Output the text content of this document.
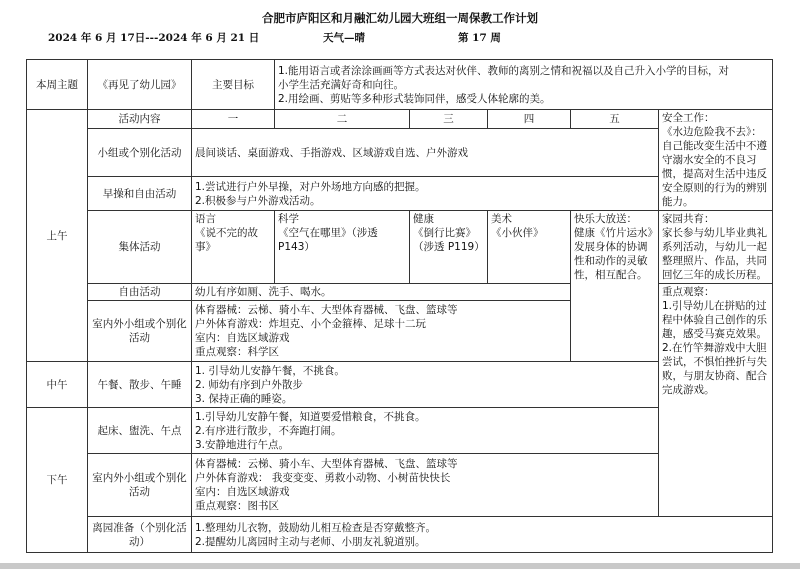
合肥市庐阳区和月融汇幼儿园大班组一周保教工作计划
2024 年 6 月 17日---2024 年 6 月 21 日	天气—晴	第 17 周
本周主题	《再见了幼儿园》	主要目标	1.能用语言或者涂涂画画等方式表达对伙伴、教师的离别之情和祝福以及自己升入小学的目标，对
小学生活充满好奇和向往。
2.用绘画、剪贴等多种形式装饰同伴，感受人体轮廓的美。				

上午	活动内容	一	二	三	四	五	安全工作：
《水边危险我不去》：自己能改变生活中不遵守溺水安全的不良习惯，提高对生活中违反安全原则的行为的辨别能力。

	小组或个别化活动	晨间谈话、桌面游戏、手指游戏、区域游戏自选、户外游戏					
	早操和自由活动	1.尝试进行户外早操，对户外场地方向感的把握。
2.积极参与户外游戏活动。					

	集体活动	语言
《说不完的故事》	科学
《空气在哪里》（涉透 P143）	健康
《倒行比赛》
（涉透 P119）	美术
《小伙伴》	快乐大放送：
健康《竹片运水》
发展身体的协调性和动作的灵敏性，相互配合。	家园共育：
家长参与幼儿毕业典礼系列活动，与幼儿一起整理照片、作品，共同回忆三年的成长历程。

	自由活动	幼儿有序如厕、洗手、喝水。					重点观察：
1.引导幼儿在拼贴的过程中体验自己创作的乐趣，感受马赛克效果。
2.在竹竿舞游戏中大胆尝试，不惧怕挫折与失败，与朋友协商、配合完成游戏。

	室内外小组或个别化活动	体育器械：云梯、骑小车、大型体育器械、飞盘、篮球等
户外体育游戏：炸坦克、小个金箍棒、足球十二玩
室内：自选区域游戏
重点观察：科学区					

中午	午餐、散步、午睡	1. 引导幼儿安静午餐，不挑食。
2. 师幼有序到户外散步
3. 保持正确的睡姿。					

下午	起床、盥洗、午点	1.引导幼儿安静午餐，知道要爱惜粮食，不挑食。
2.有序进行散步，不奔跑打闹。
3.安静地进行午点。					

	室内外小组或个别化活动	体育器械：云梯、骑小车、大型体育器械、飞盘、篮球等
户外体育游戏： 我变变变、勇救小动物、小树苗快快长
室内：自选区域游戏
重点观察：图书区					

	离园准备（个别化活动）	1.整理幼儿衣物，鼓励幼儿相互检查是否穿戴整齐。
2.提醒幼儿离园时主动与老师、小朋友礼貌道别。					
